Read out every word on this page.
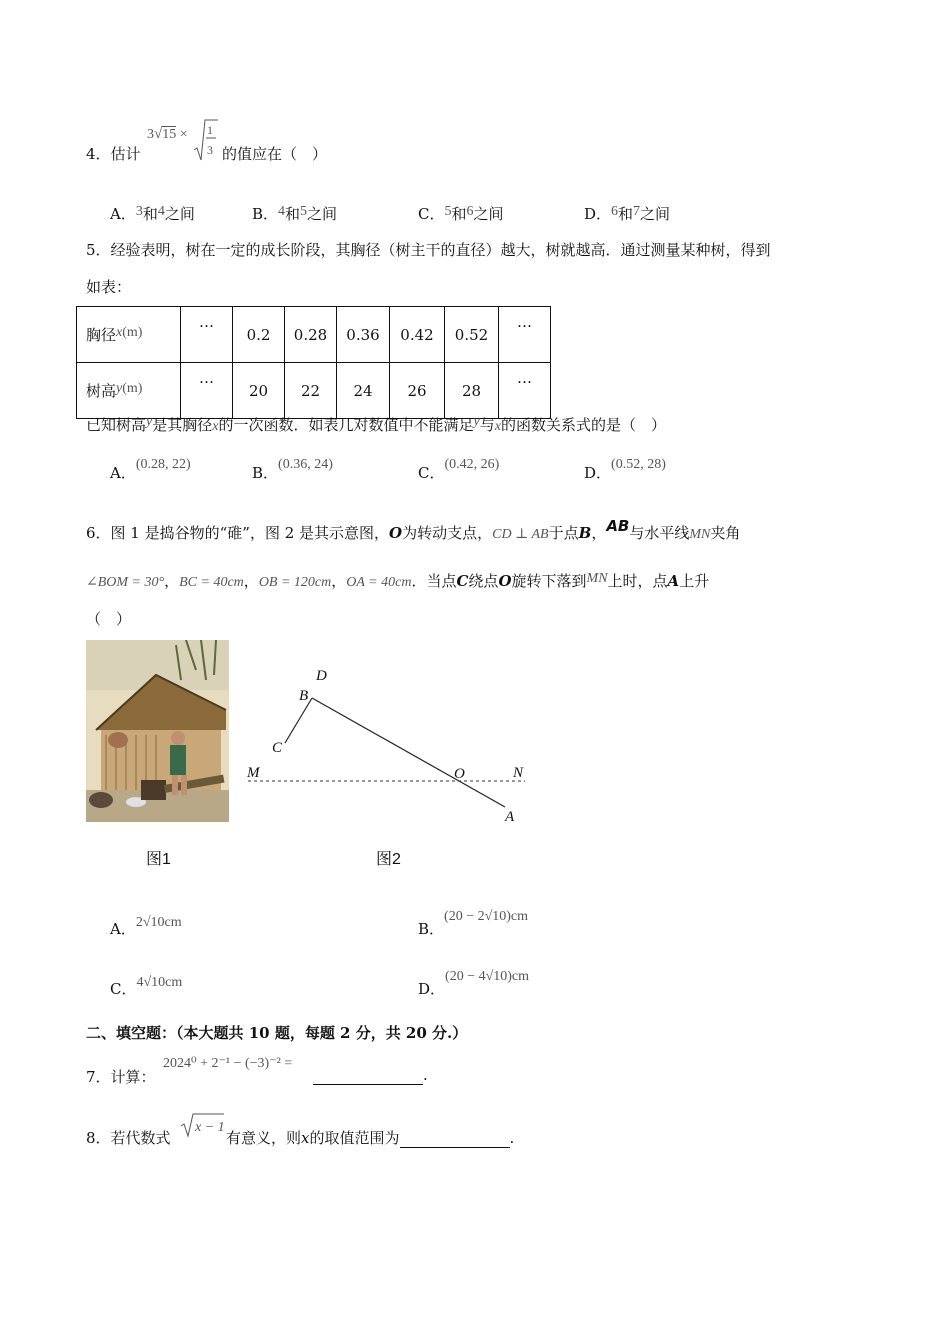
4．估计
3√15 × 1
3 的值应在（　）
A．3和4之间	B．4和5之间	C．5和6之间	D．6和7之间
5．经验表明，树在一定的成长阶段，其胸径（树主干的直径）越大，树就越高．通过测量某种树，得到
如表：
胸径x(m)	…	0.2	0.28	0.36	0.42	0.52	…
树高y(m)	…	20	22	24	26	28	…
已知树高y是其胸径x的一次函数．如表几对数值中不能满足y与x的函数关系式的是（　）
A．(0.28, 22)	B．(0.36, 24)	C．(0.42, 26)	D．(0.52, 28)
6．图 1 是捣谷物的“碓”，图 2 是其示意图，O为转动支点，CD ⊥ AB于点B，AB与水平线MN夹角
∠BOM = 30°，BC = 40cm，OB = 120cm，OA = 40cm．当点C绕点O旋转下落到MN上时，点A上升
（　）
D
B
C
M	O	N
A
图1	图2
A．2√10cm	B．(20 − 2√10)cm
C．4√10cm	D．(20 − 4√10)cm
二、填空题：（本大题共 10 题，每题 2 分，共 20 分.）
7．计算：
2024⁰ + 2⁻¹ − (−3)⁻² =
.
8．若代数式
x − 1
有意义，则x的取值范围为	.
